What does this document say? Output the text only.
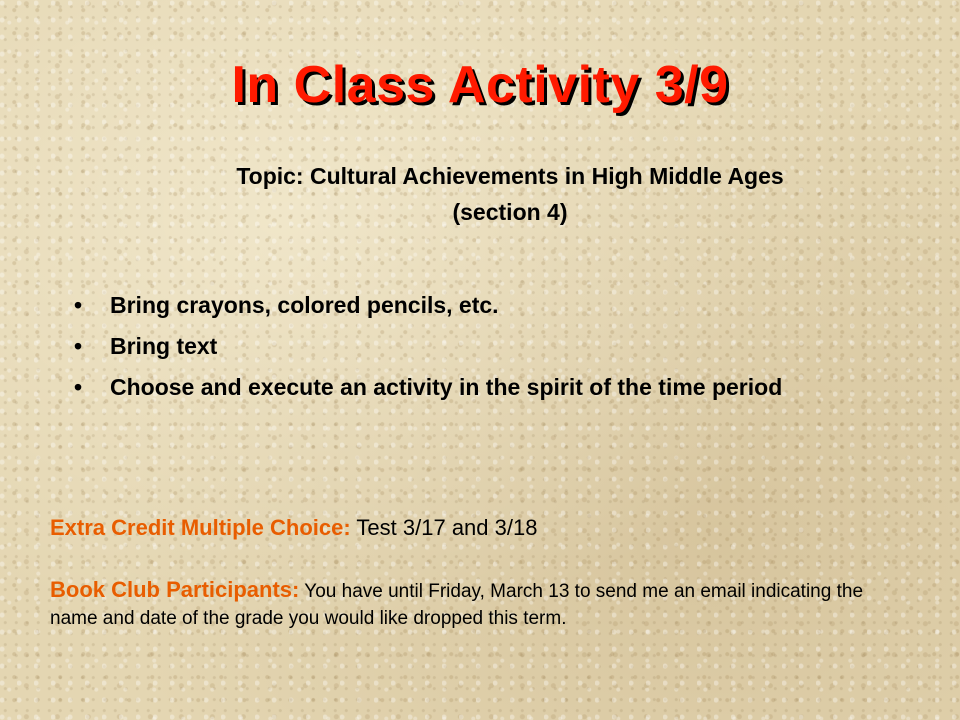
In Class Activity 3/9
Topic: Cultural Achievements in High Middle Ages
(section 4)
• Bring crayons, colored pencils, etc.
• Bring text
• Choose and execute an activity in the spirit of the time period
Extra Credit Multiple Choice: Test 3/17 and 3/18
Book Club Participants: You have until Friday, March 13 to send me an email indicating the name and date of the grade you would like dropped this term.
